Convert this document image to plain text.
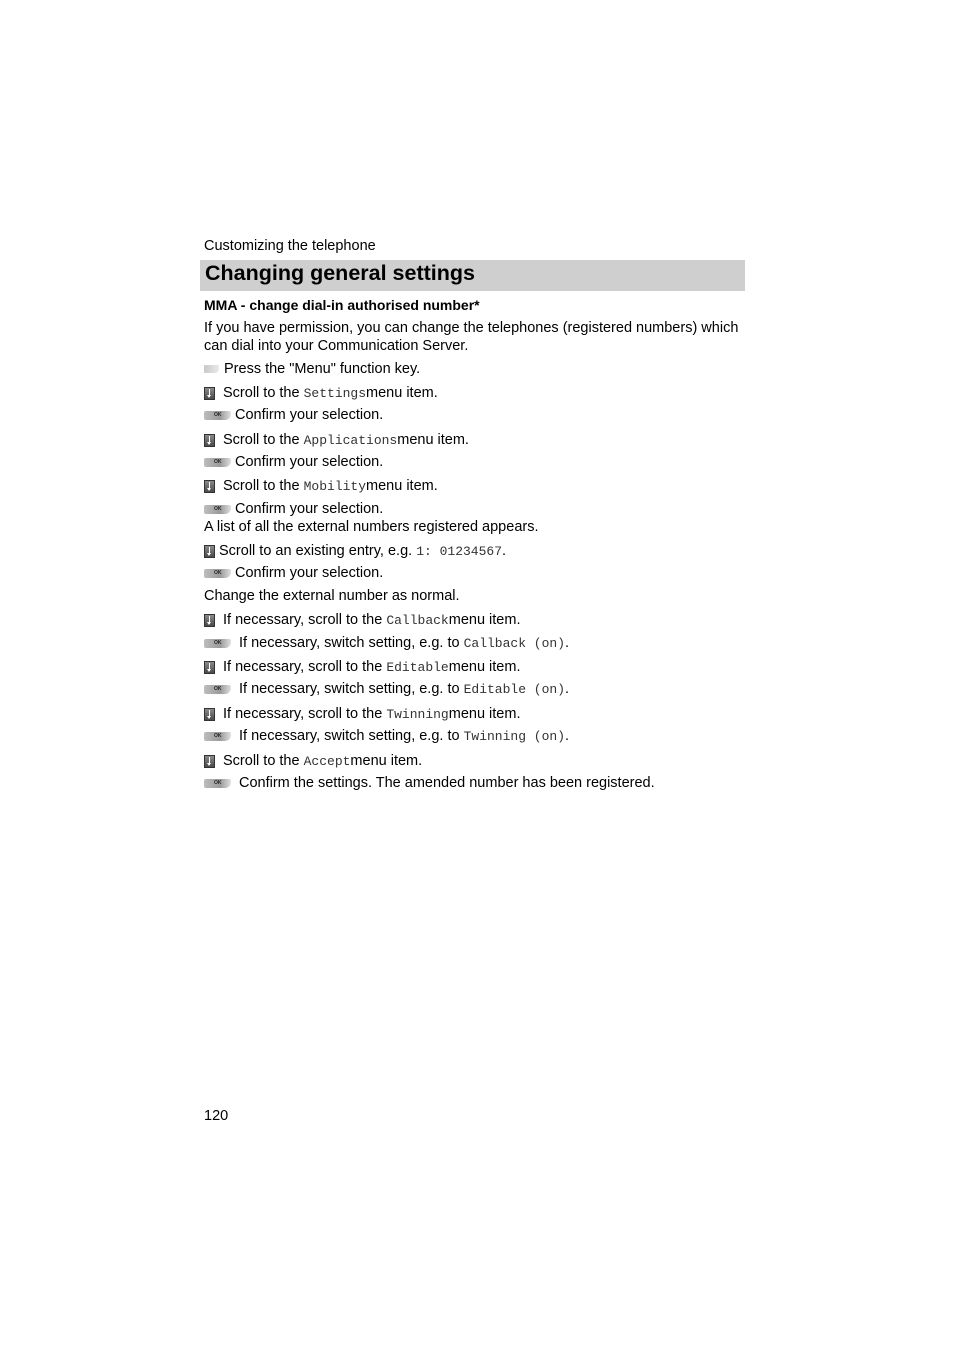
Customizing the telephone
Changing general settings
MMA - change dial-in authorised number*
If you have permission, you can change the telephones (registered numbers) which can dial into your Communication Server.
Press the "Menu" function key.
Scroll to the
Settings menu item.
OK
Confirm your selection.
Scroll to the
Applications menu item.
OK
Confirm your selection.
Scroll to the
Mobility menu item.
OK
Confirm your selection.
A list of all the external numbers registered appears.
Scroll to an existing entry, e.g.
1: 01234567 .
OK
Confirm your selection.
Change the external number as normal.
If necessary, scroll to the
Callback menu item.
OK
If necessary, switch setting, e.g. to
Callback (on) .
If necessary, scroll to the
Editable menu item.
OK
If necessary, switch setting, e.g. to
Editable (on) .
If necessary, scroll to the
Twinning menu item.
OK
If necessary, switch setting, e.g. to
Twinning (on) .
Scroll to the
Accept menu item.
OK
Confirm the settings. The amended number has been registered.
120
